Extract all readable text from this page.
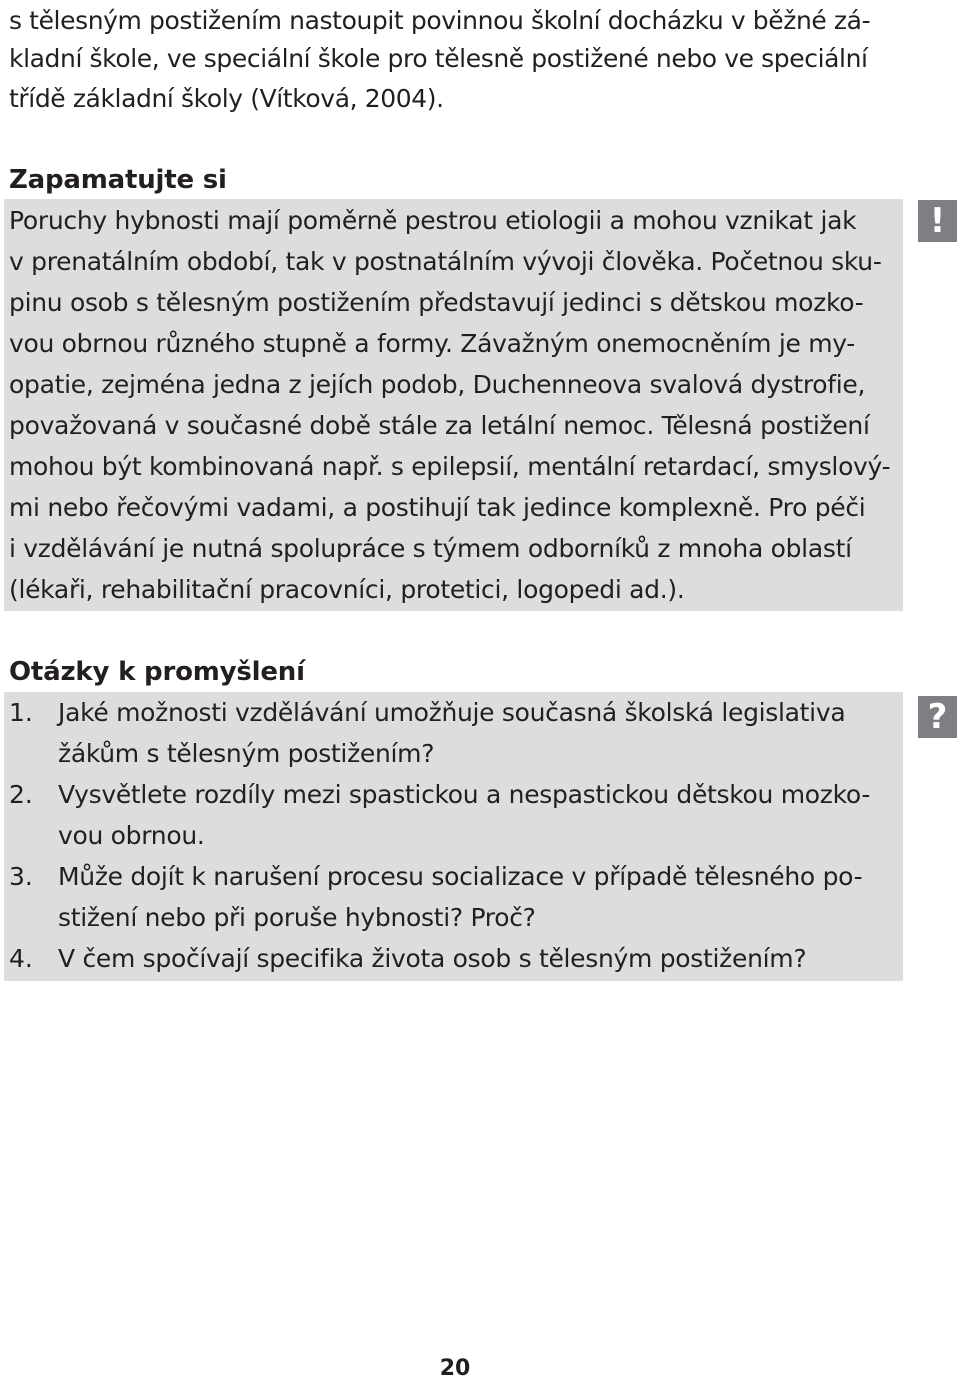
s tělesným postižením nastoupit povinnou školní docházku v běžné zá-
kladní škole, ve speciální škole pro tělesně postižené nebo ve speciální
třídě základní školy (Vítková, 2004).
Zapamatujte si
!
Poruchy hybnosti mají poměrně pestrou etiologii a mohou vznikat jak
v prenatálním období, tak v postnatálním vývoji člověka. Početnou sku-
pinu osob s tělesným postižením představují jedinci s dětskou mozko-
vou obrnou různého stupně a formy. Závažným onemocněním je my-
opatie, zejména jedna z jejích podob, Duchenneova svalová dystrofie,
považovaná v současné době stále za letální nemoc. Tělesná postižení
mohou být kombinovaná např. s epilepsií, mentální retardací, smyslový-
mi nebo řečovými vadami, a postihují tak jedince komplexně. Pro péči
i vzdělávání je nutná spolupráce s týmem odborníků z mnoha oblastí
(lékaři, rehabilitační pracovníci, protetici, logopedi ad.).
Otázky k promyšlení
?
1. Jaké možnosti vzdělávání umožňuje současná školská legislativa
žákům s tělesným postižením?
2. Vysvětlete rozdíly mezi spastickou a nespastickou dětskou mozko-
vou obrnou.
3. Může dojít k narušení procesu socializace v případě tělesného po-
stižení nebo při poruše hybnosti? Proč?
4. V čem spočívají specifika života osob s tělesným postižením?
20
